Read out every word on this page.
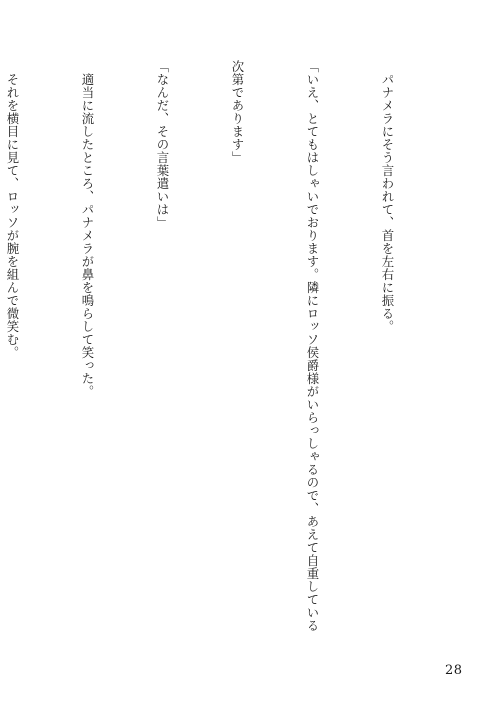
パナメラにそう言われて、首を左右に振る。

「いえ、とてもはしゃいでおります。隣にロッソ侯爵様がいらっしゃるので、あえて自重している

次第であります」

「なんだ、その言葉遣いは」

適当に流したところ、パナメラが鼻を鳴らして笑った。

それを横目に見て、ロッソが腕を組んで微笑む。

28
